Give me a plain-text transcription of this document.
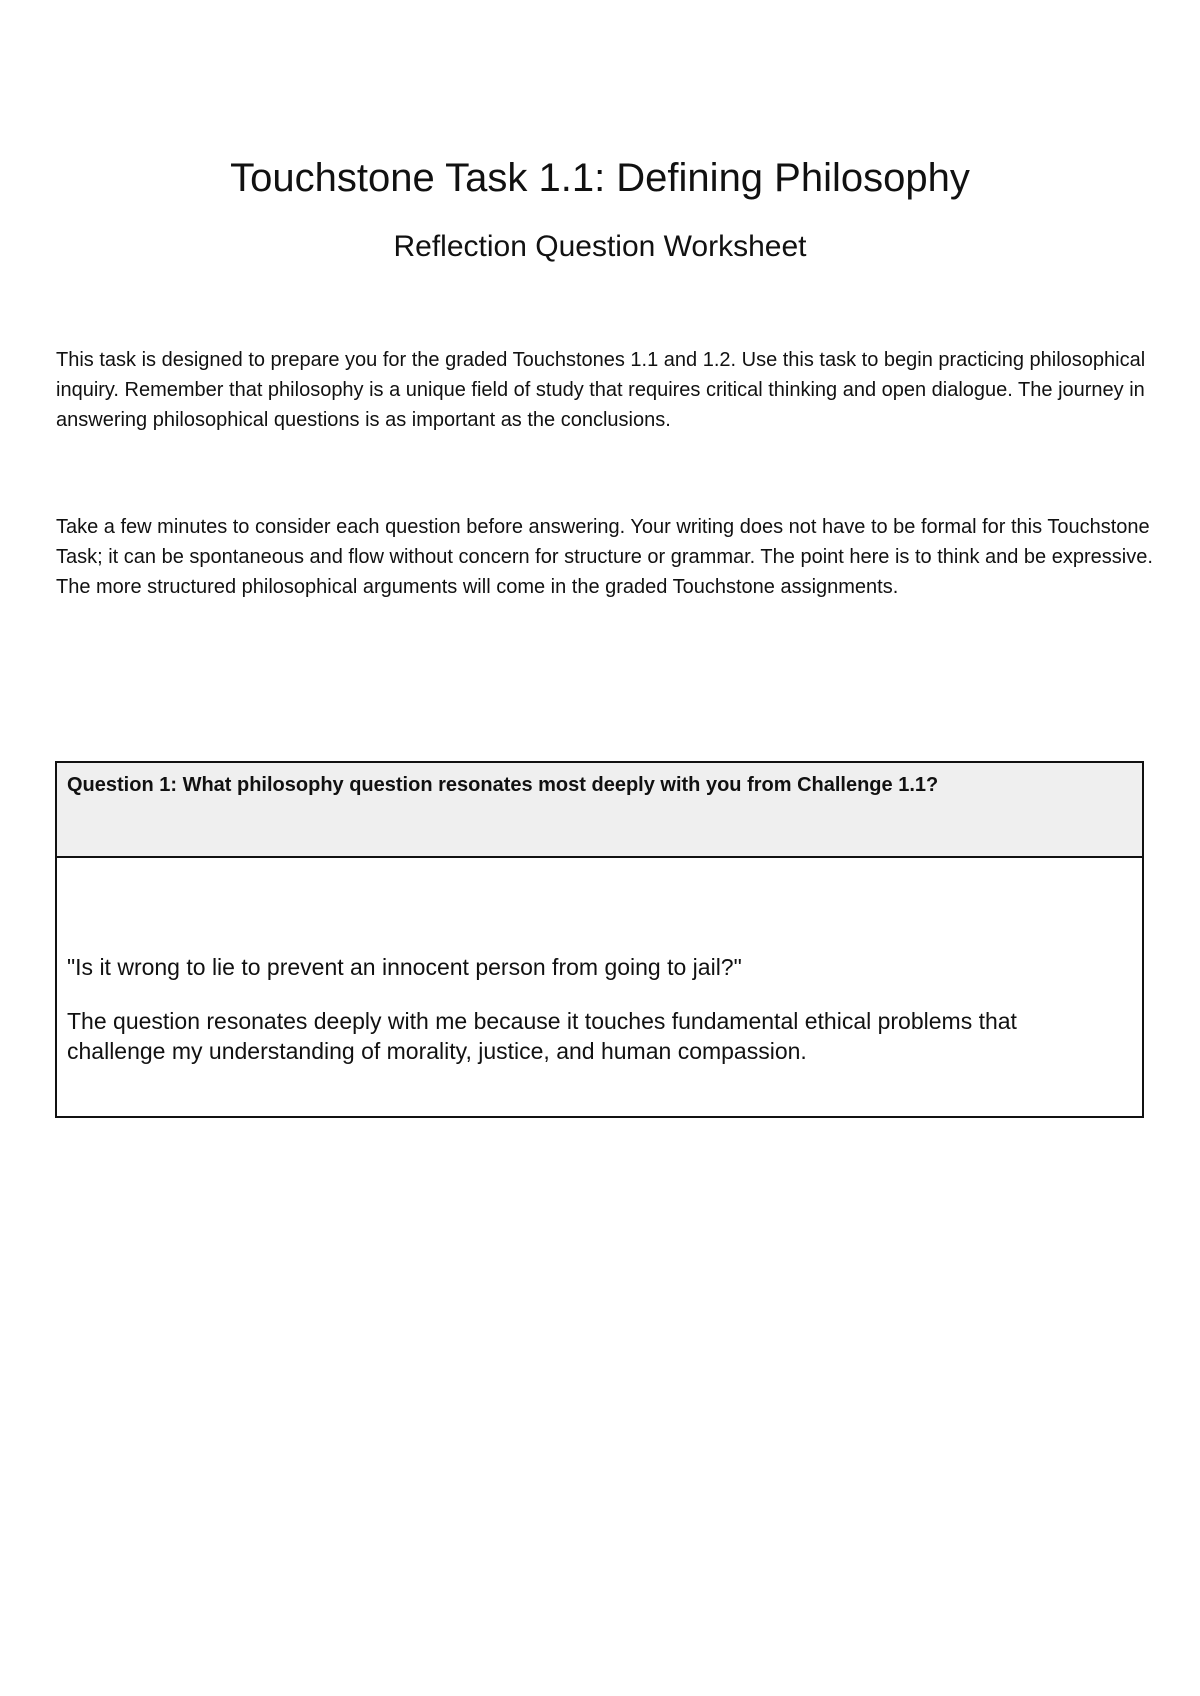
Touchstone Task 1.1: Defining Philosophy
Reflection Question Worksheet

This task is designed to prepare you for the graded Touchstones 1.1 and 1.2. Use this task to begin practicing philosophical inquiry. Remember that philosophy is a unique field of study that requires critical thinking and open dialogue. The journey in answering philosophical questions is as important as the conclusions.

Take a few minutes to consider each question before answering. Your writing does not have to be formal for this Touchstone Task; it can be spontaneous and flow without concern for structure or grammar. The point here is to think and be expressive. The more structured philosophical arguments will come in the graded Touchstone assignments.

Question 1: What philosophy question resonates most deeply with you from Challenge 1.1?

"Is it wrong to lie to prevent an innocent person from going to jail?"

The question resonates deeply with me because it touches fundamental ethical problems that challenge my understanding of morality, justice, and human compassion.
